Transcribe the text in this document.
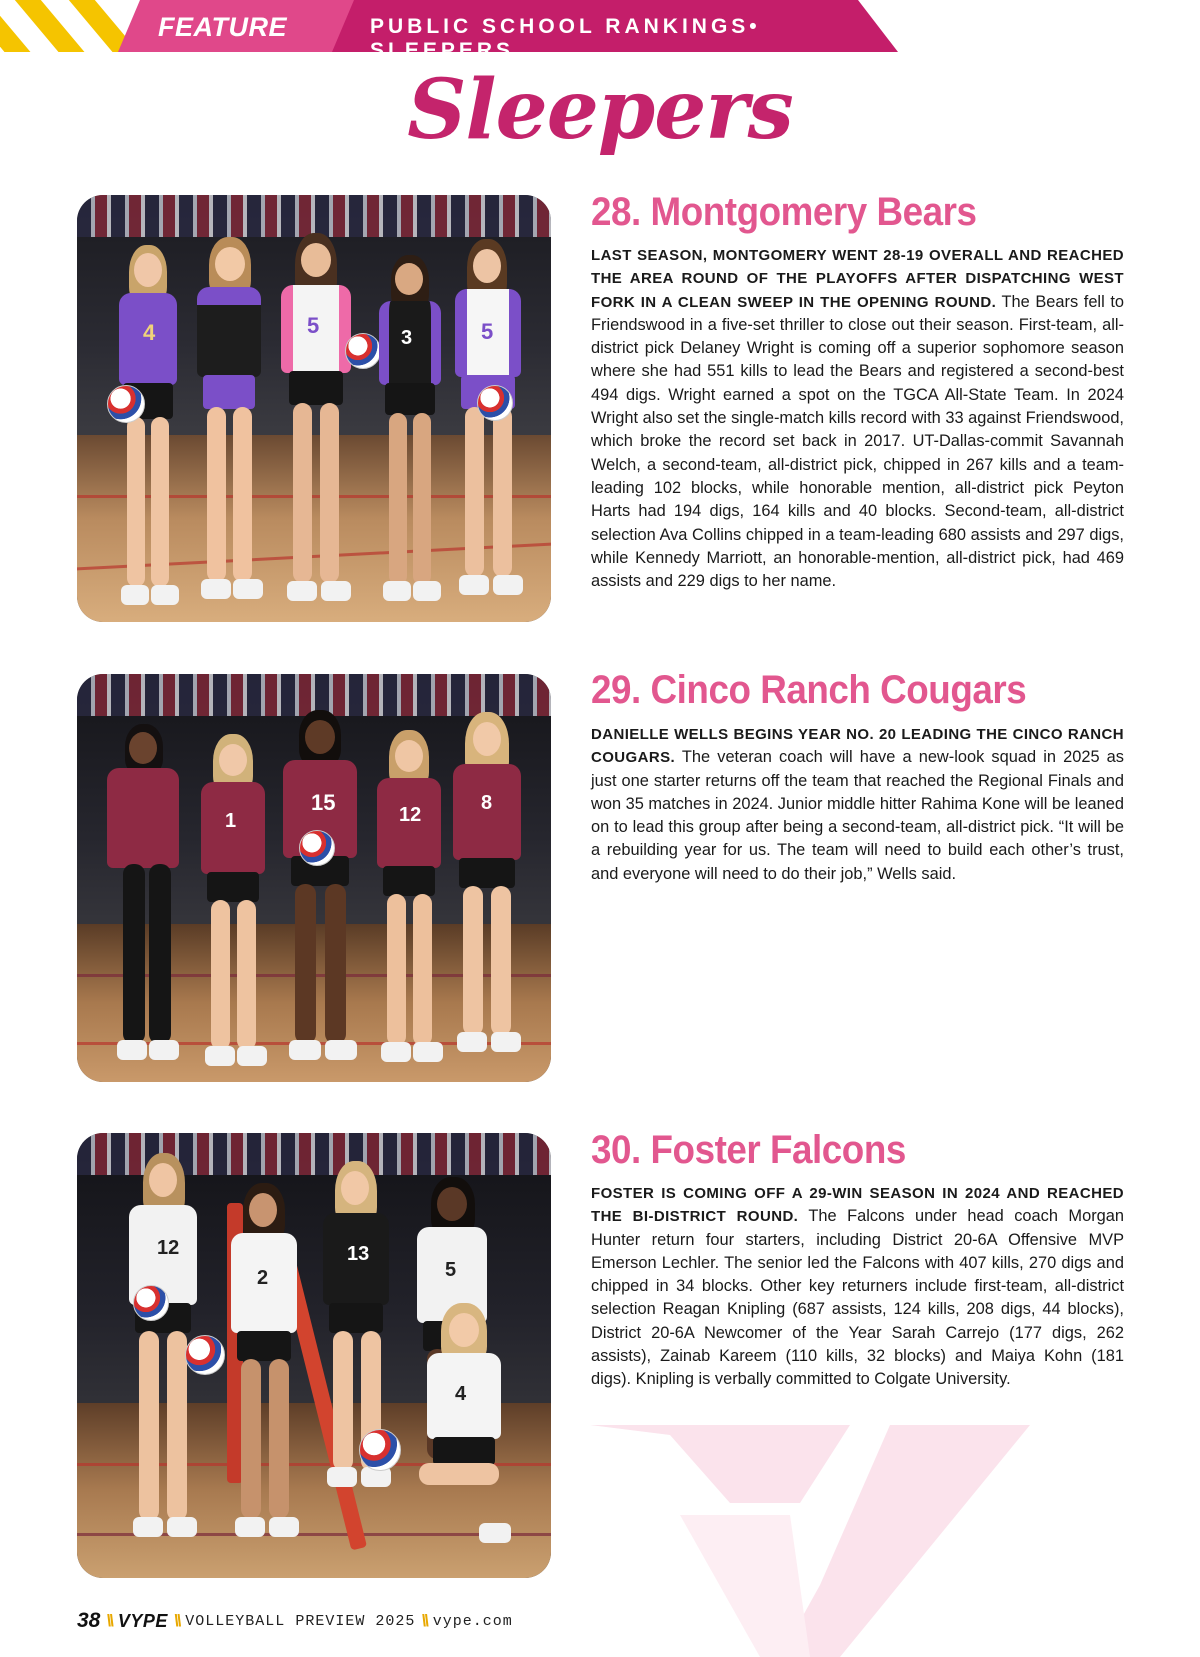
FEATURE	PUBLIC SCHOOL RANKINGS• SLEEPERS
Sleepers
4	5	3	5
28. Montgomery Bears
LAST SEASON, MONTGOMERY WENT 28-19 OVERALL AND REACHED THE AREA ROUND OF THE PLAYOFFS AFTER DISPATCHING WEST FORK IN A CLEAN SWEEP IN THE OPENING ROUND. The Bears fell to Friendswood in a five-set thriller to close out their season. First-team, all-district pick Delaney Wright is coming off a superior sophomore season where she had 551 kills to lead the Bears and registered a second-best 494 digs. Wright earned a spot on the TGCA All-State Team. In 2024 Wright also set the single-match kills record with 33 against Friendswood, which broke the record set back in 2017. UT-Dallas-commit Savannah Welch, a second-team, all-district pick, chipped in 267 kills and a team-leading 102 blocks, while honorable mention, all-district pick Peyton Harts had 194 digs, 164 kills and 40 blocks. Second-team, all-district selection Ava Collins chipped in a team-leading 680 assists and 297 digs, while Kennedy Marriott, an honorable-mention, all-district pick, had 469 assists and 229 digs to her name.
1
15	12
8
29. Cinco Ranch Cougars
DANIELLE WELLS BEGINS YEAR NO. 20 LEADING THE CINCO RANCH COUGARS. The veteran coach will have a new-look squad in 2025 as just one starter returns off the team that reached the Regional Finals and won 35 matches in 2024. Junior middle hitter Rahima Kone will be leaned on to lead this group after being a second-team, all-district pick. “It will be a rebuilding year for us. The team will need to build each other’s trust, and everyone will need to do their job,” Wells said.
12
2
13
5
4
30. Foster Falcons
FOSTER IS COMING OFF A 29-WIN SEASON IN 2024 AND REACHED THE BI-DISTRICT ROUND. The Falcons under head coach Morgan Hunter return four starters, including District 20-6A Offensive MVP Emerson Lechler. The senior led the Falcons with 407 kills, 270 digs and chipped in 34 blocks. Other key returners include first-team, all-district selection Reagan Knipling (687 assists, 124 kills, 208 digs, 44 blocks), District 20-6A Newcomer of the Year Sarah Carrejo (177 digs, 262 assists), Zainab Kareem (110 kills, 32 blocks) and Maiya Kohn (181 digs). Knipling is verbally committed to Colgate University.
38 \\ VYPE \\ VOLLEYBALL PREVIEW 2025 \\ vype.com
